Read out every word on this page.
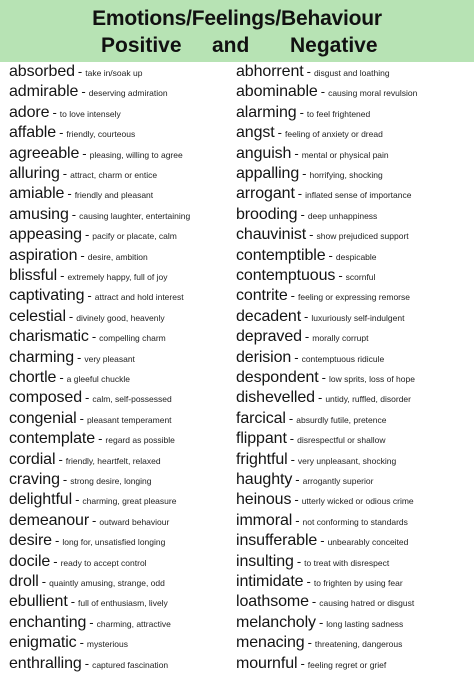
Emotions/Feelings/Behaviour
Positive and Negative
absorbed - take in/soak up
admirable - deserving admiration
adore - to love intensely
affable - friendly, courteous
agreeable - pleasing, willing to agree
alluring - attract, charm or entice
amiable - friendly and pleasant
amusing - causing laughter, entertaining
appeasing - pacify or placate, calm
aspiration - desire, ambition
blissful - extremely happy, full of joy
captivating - attract and hold interest
celestial - divinely good, heavenly
charismatic - compelling charm
charming - very pleasant
chortle - a gleeful chuckle
composed - calm, self-possessed
congenial - pleasant temperament
contemplate - regard as possible
cordial - friendly, heartfelt, relaxed
craving - strong desire, longing
delightful - charming, great pleasure
demeanour - outward behaviour
desire - long for, unsatisfied longing
docile - ready to accept control
droll - quaintly amusing, strange, odd
ebullient - full of enthusiasm, lively
enchanting - charming, attractive
enigmatic - mysterious
enthralling - captured fascination
abhorrent - disgust and loathing
abominable - causing moral revulsion
alarming - to feel frightened
angst - feeling of anxiety or dread
anguish - mental or physical pain
appalling - horrifying, shocking
arrogant - inflated sense of importance
brooding - deep unhappiness
chauvinist - show prejudiced support
contemptible - despicable
contemptuous - scornful
contrite - feeling or expressing remorse
decadent - luxuriously self-indulgent
depraved - morally corrupt
derision - contemptuous ridicule
despondent - low sprits, loss of hope
dishevelled - untidy, ruffled, disorder
farcical - absurdly futile, pretence
flippant - disrespectful or shallow
frightful - very unpleasant, shocking
haughty - arrogantly superior
heinous - utterly wicked or odious crime
immoral - not conforming to standards
insufferable - unbearably conceited
insulting - to treat with disrespect
intimidate - to frighten by using fear
loathsome - causing hatred or disgust
melancholy - long lasting sadness
menacing - threatening, dangerous
mournful - feeling regret or grief
